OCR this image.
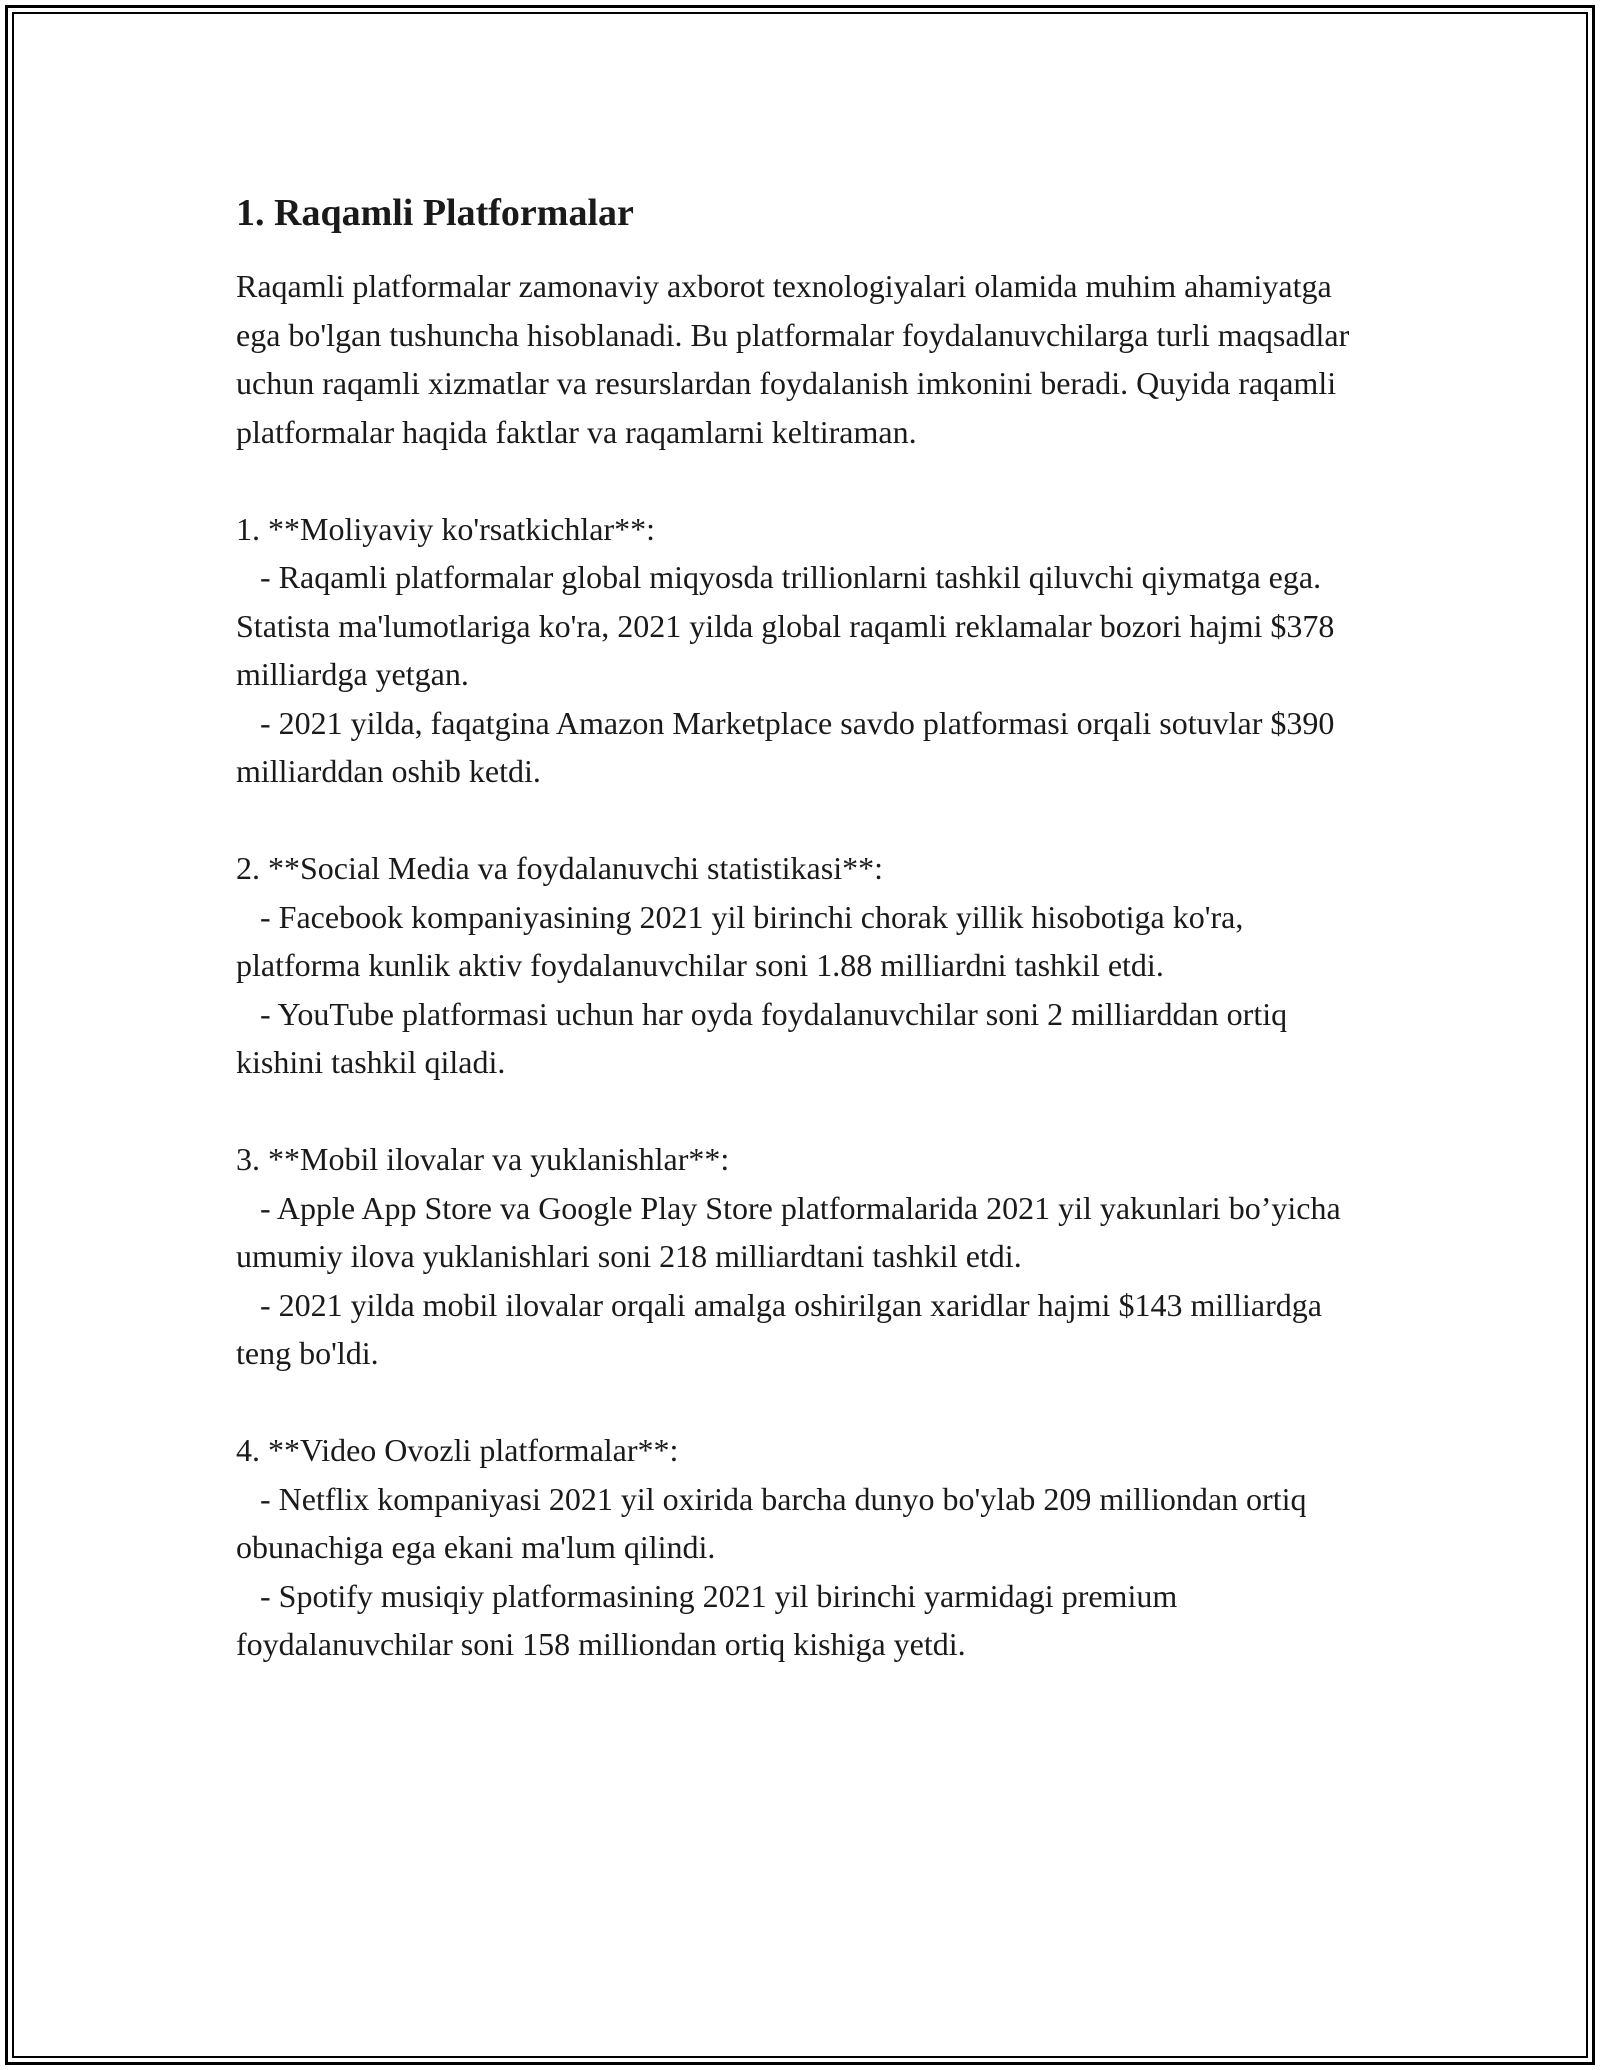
1. Raqamli Platformalar

Raqamli platformalar zamonaviy axborot texnologiyalari olamida muhim ahamiyatga ega bo'lgan tushuncha hisoblanadi. Bu platformalar foydalanuvchilarga turli maqsadlar uchun raqamli xizmatlar va resurslardan foydalanish imkonini beradi. Quyida raqamli platformalar haqida faktlar va raqamlarni keltiraman.

1. **Moliyaviy ko'rsatkichlar**:

- Raqamli platformalar global miqyosda trillionlarni tashkil qiluvchi qiymatga ega. Statista ma'lumotlariga ko'ra, 2021 yilda global raqamli reklamalar bozori hajmi $378 milliardga yetgan.

- 2021 yilda, faqatgina Amazon Marketplace savdo platformasi orqali sotuvlar $390 milliarddan oshib ketdi.

2. **Social Media va foydalanuvchi statistikasi**:

- Facebook kompaniyasining 2021 yil birinchi chorak yillik hisobotiga ko'ra, platforma kunlik aktiv foydalanuvchilar soni 1.88 milliardni tashkil etdi.

- YouTube platformasi uchun har oyda foydalanuvchilar soni 2 milliarddan ortiq kishini tashkil qiladi.

3. **Mobil ilovalar va yuklanishlar**:

- Apple App Store va Google Play Store platformalarida 2021 yil yakunlari bo’yicha umumiy ilova yuklanishlari soni 218 milliardtani tashkil etdi.

- 2021 yilda mobil ilovalar orqali amalga oshirilgan xaridlar hajmi $143 milliardga teng bo'ldi.

4. **Video Ovozli platformalar**:

- Netflix kompaniyasi 2021 yil oxirida barcha dunyo bo'ylab 209 milliondan ortiq obunachiga ega ekani ma'lum qilindi.

- Spotify musiqiy platformasining 2021 yil birinchi yarmidagi premium foydalanuvchilar soni 158 milliondan ortiq kishiga yetdi.
